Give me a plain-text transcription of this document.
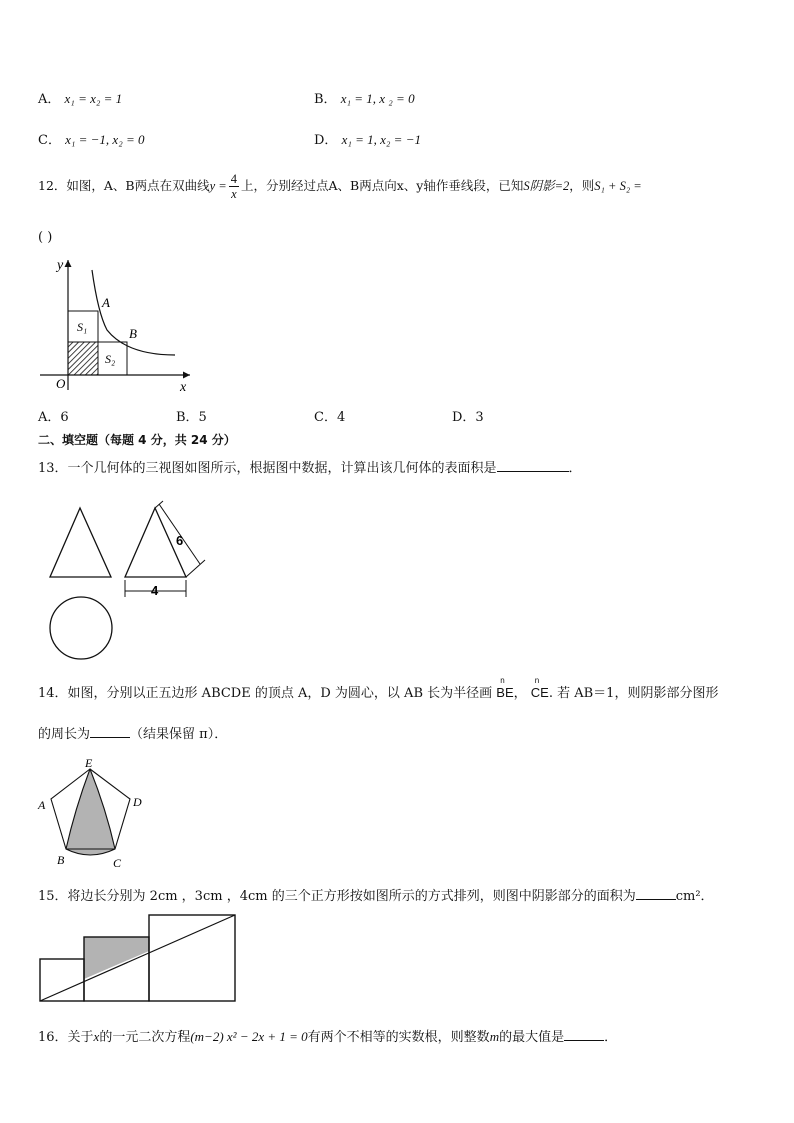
A． x₁ = x₂ = 1	B． x₁ = 1, x ₂ = 0
C． x₁ = −1, x₂ = 0	D． x₁ = 1, x₂ = −1
12．如图，A、B两点在双曲线$y = \frac{4}{x}$ 上，分别经过点A、B两点向x、y轴作垂线段，已知S阴影=2，则S₁ + S₂ =
( )
y
A
B
S₁
S₂
O	x
A．6	B．5	C．4	D．3
二、填空题（每题 4 分，共 24 分）
13．一个几何体的三视图如图所示，根据图中数据，计算出该几何体的表面积是	．
6
4
14．如图，分别以正五边形 ABCDE 的顶点 A，D 为圆心，以 AB 长为半径画
n
BE，
n
CE. 若 AB＝1，则阴影部分图形
的周长为	（结果保留 π）．
E
A	D
B	C
15．将边长分别为 2cm ，3cm ，4cm 的三个正方形按如图所示的方式排列，则图中阴影部分的面积为	cm²．
16．关于x的一元二次方程(m−2) x² − 2x + 1 = 0有两个不相等的实数根，则整数m的最大值是	．
